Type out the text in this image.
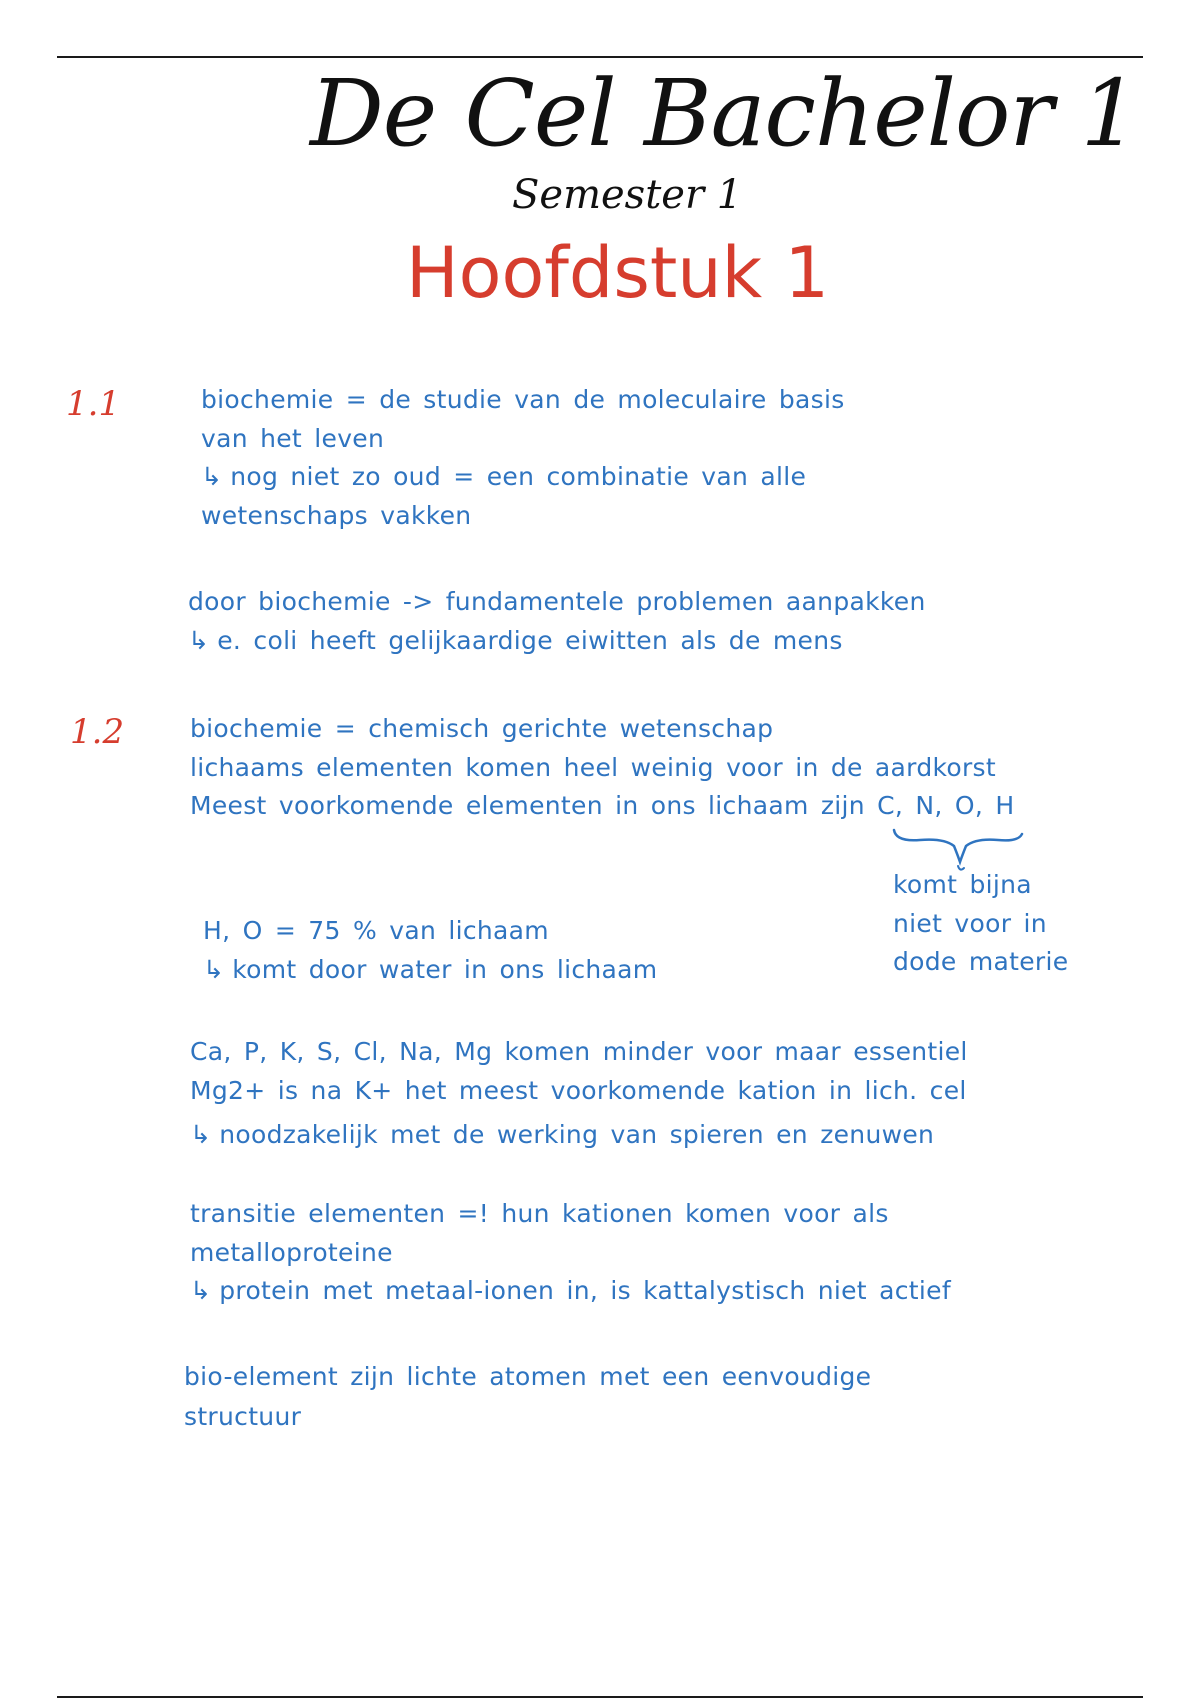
De Cel Bachelor 1
Semester 1
Hoofdstuk 1
1.1	biochemie = de studie van de moleculaire basis
van het leven
↳ nog niet zo oud = een combinatie van alle
wetenschaps vakken
door biochemie -> fundamentele problemen aanpakken
↳ e. coli heeft gelijkaardige eiwitten als de mens
1.2	biochemie = chemisch gerichte wetenschap
lichaams elementen komen heel weinig voor in de aardkorst
Meest voorkomende elementen in ons lichaam zijn C, N, O, H
komt bijna
niet voor in
dode materie
H, O = 75 % van lichaam
↳ komt door water in ons lichaam
Ca, P, K, S, Cl, Na, Mg komen minder voor maar essentiel
Mg2+ is na K+ het meest voorkomende kation in lich. cel
↳ noodzakelijk met de werking van spieren en zenuwen
transitie elementen =! hun kationen komen voor als
metalloproteine
↳ protein met metaal-ionen in, is kattalystisch niet actief
bio-element zijn lichte atomen met een eenvoudige
structuur
